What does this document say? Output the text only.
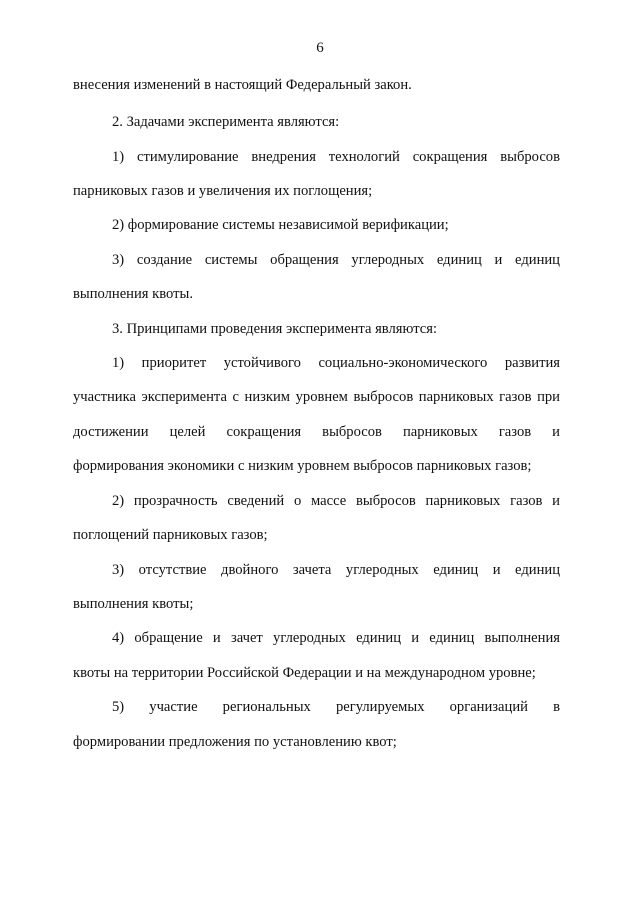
6
внесения изменений в настоящий Федеральный закон.
2. Задачами эксперимента являются:
1) стимулирование внедрения технологий сокращения выбросов
парниковых газов и увеличения их поглощения;
2) формирование системы независимой верификации;
3) создание системы обращения углеродных единиц и единиц
выполнения квоты.
3. Принципами проведения эксперимента являются:
1) приоритет устойчивого социально-экономического развития
участника эксперимента с низким уровнем выбросов парниковых газов при
достижении целей сокращения выбросов парниковых газов и
формирования экономики с низким уровнем выбросов парниковых газов;
2) прозрачность сведений о массе выбросов парниковых газов и
поглощений парниковых газов;
3) отсутствие двойного зачета углеродных единиц и единиц
выполнения квоты;
4) обращение и зачет углеродных единиц и единиц выполнения
квоты на территории Российской Федерации и на международном уровне;
5) участие региональных регулируемых организаций в
формировании предложения по установлению квот;
